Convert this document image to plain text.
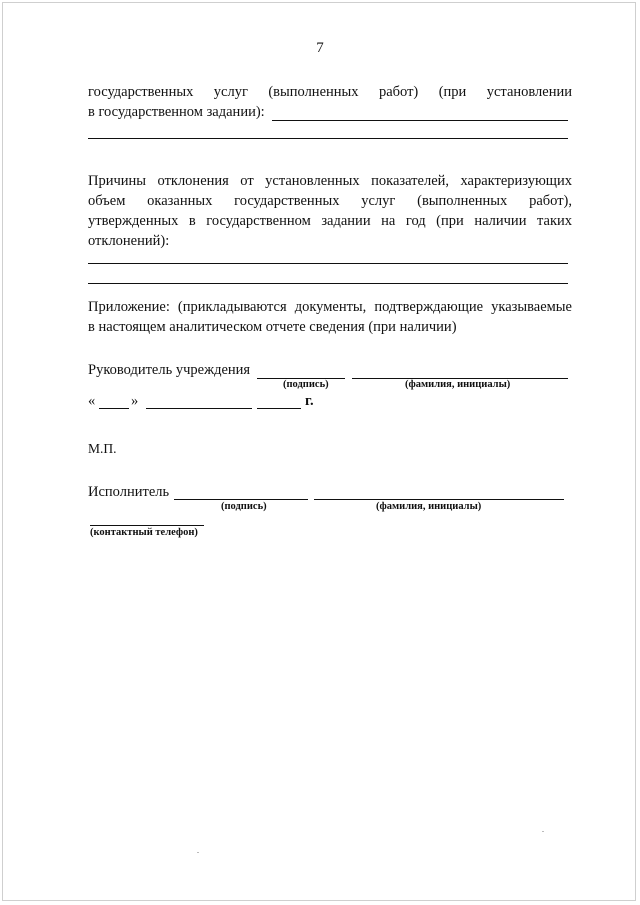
7
государственных услуг (выполненных работ) (при установлении
в государственном задании):
Причины отклонения от установленных показателей, характеризующих
объем оказанных государственных услуг (выполненных работ),
утвержденных в государственном задании на год (при наличии таких
отклонений):
Приложение: (прикладываются документы, подтверждающие указываемые
в настоящем аналитическом отчете сведения (при наличии)
Руководитель учреждения
(подпись)	(фамилия, инициалы)
« »	г.
М.П.
Исполнитель
(подпись)	(фамилия, инициалы)
(контактный телефон)
